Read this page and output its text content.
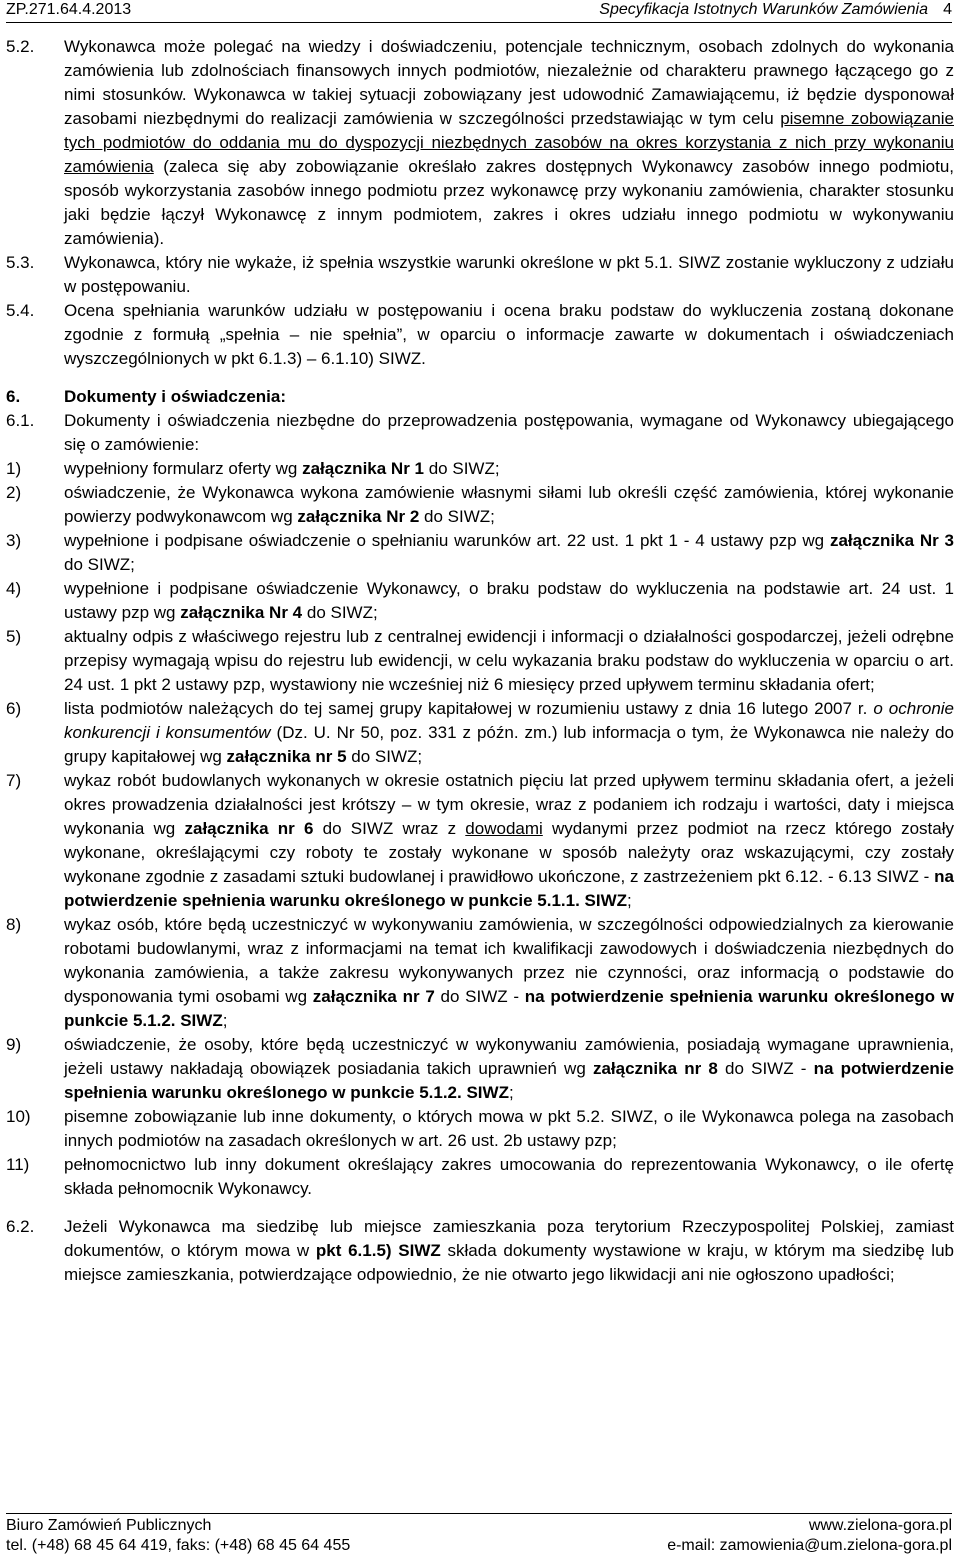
ZP.271.64.4.2013	Specyfikacja Istotnych Warunków Zamówienia 4
5.2.	Wykonawca może polegać na wiedzy i doświadczeniu, potencjale technicznym, osobach zdolnych do wykonania zamówienia lub zdolnościach finansowych innych podmiotów, niezależnie od charakteru prawnego łączącego go z nimi stosunków. Wykonawca w takiej sytuacji zobowiązany jest udowodnić Zamawiającemu, iż będzie dysponował zasobami niezbędnymi do realizacji zamówienia w szczególności przedstawiając w tym celu pisemne zobowiązanie tych podmiotów do oddania mu do dyspozycji niezbędnych zasobów na okres korzystania z nich przy wykonaniu zamówienia (zaleca się aby zobowiązanie określało zakres dostępnych Wykonawcy zasobów innego podmiotu, sposób wykorzystania zasobów innego podmiotu przez wykonawcę przy wykonaniu zamówienia, charakter stosunku jaki będzie łączył Wykonawcę z innym podmiotem, zakres i okres udziału innego podmiotu w wykonywaniu zamówienia).
5.3.	Wykonawca, który nie wykaże, iż spełnia wszystkie warunki określone w pkt 5.1. SIWZ zostanie wykluczony z udziału w postępowaniu.
5.4.	Ocena spełniania warunków udziału w postępowaniu i ocena braku podstaw do wykluczenia zostaną dokonane zgodnie z formułą „spełnia – nie spełnia”, w oparciu o informacje zawarte w dokumentach i oświadczeniach wyszczególnionych w pkt 6.1.3) – 6.1.10) SIWZ.
6.	Dokumenty i oświadczenia:
6.1.	Dokumenty i oświadczenia niezbędne do przeprowadzenia postępowania, wymagane od Wykonawcy ubiegającego się o zamówienie:
1)	wypełniony formularz oferty wg załącznika Nr 1 do SIWZ;
2)	oświadczenie, że Wykonawca wykona zamówienie własnymi siłami lub określi część zamówienia, której wykonanie powierzy podwykonawcom wg załącznika Nr 2 do SIWZ;
3)	wypełnione i podpisane oświadczenie o spełnianiu warunków art. 22 ust. 1 pkt 1 - 4 ustawy pzp wg załącznika Nr 3 do SIWZ;
4)	wypełnione i podpisane oświadczenie Wykonawcy, o braku podstaw do wykluczenia na podstawie art. 24 ust. 1 ustawy pzp wg załącznika Nr 4 do SIWZ;
5)	aktualny odpis z właściwego rejestru lub z centralnej ewidencji i informacji o działalności gospodarczej, jeżeli odrębne przepisy wymagają wpisu do rejestru lub ewidencji, w celu wykazania braku podstaw do wykluczenia w oparciu o art. 24 ust. 1 pkt 2 ustawy pzp, wystawiony nie wcześniej niż 6 miesięcy przed upływem terminu składania ofert;
6)	lista podmiotów należących do tej samej grupy kapitałowej w rozumieniu ustawy z dnia 16 lutego 2007 r. o ochronie konkurencji i konsumentów (Dz. U. Nr 50, poz. 331 z późn. zm.) lub informacja o tym, że Wykonawca nie należy do grupy kapitałowej wg załącznika nr 5 do SIWZ;
7)	wykaz robót budowlanych wykonanych w okresie ostatnich pięciu lat przed upływem terminu składania ofert, a jeżeli okres prowadzenia działalności jest krótszy – w tym okresie, wraz z podaniem ich rodzaju i wartości, daty i miejsca wykonania wg załącznika nr 6 do SIWZ wraz z dowodami wydanymi przez podmiot na rzecz którego zostały wykonane, określającymi czy roboty te zostały wykonane w sposób należyty oraz wskazującymi, czy zostały wykonane zgodnie z zasadami sztuki budowlanej i prawidłowo ukończone, z zastrzeżeniem pkt 6.12. - 6.13 SIWZ - na potwierdzenie spełnienia warunku określonego w punkcie 5.1.1. SIWZ;
8)	wykaz osób, które będą uczestniczyć w wykonywaniu zamówienia, w szczególności odpowiedzialnych za kierowanie robotami budowlanymi, wraz z informacjami na temat ich kwalifikacji zawodowych i doświadczenia niezbędnych do wykonania zamówienia, a także zakresu wykonywanych przez nie czynności, oraz informacją o podstawie do dysponowania tymi osobami wg załącznika nr 7 do SIWZ - na potwierdzenie spełnienia warunku określonego w punkcie 5.1.2. SIWZ;
9)	oświadczenie, że osoby, które będą uczestniczyć w wykonywaniu zamówienia, posiadają wymagane uprawnienia, jeżeli ustawy nakładają obowiązek posiadania takich uprawnień wg załącznika nr 8 do SIWZ - na potwierdzenie spełnienia warunku określonego w punkcie 5.1.2. SIWZ;
10)	pisemne zobowiązanie lub inne dokumenty, o których mowa w pkt 5.2. SIWZ, o ile Wykonawca polega na zasobach innych podmiotów na zasadach określonych w art. 26 ust. 2b ustawy pzp;
11)	pełnomocnictwo lub inny dokument określający zakres umocowania do reprezentowania Wykonawcy, o ile ofertę składa pełnomocnik Wykonawcy.
6.2.	Jeżeli Wykonawca ma siedzibę lub miejsce zamieszkania poza terytorium Rzeczypospolitej Polskiej, zamiast dokumentów, o którym mowa w pkt 6.1.5) SIWZ składa dokumenty wystawione w kraju, w którym ma siedzibę lub miejsce zamieszkania, potwierdzające odpowiednio, że nie otwarto jego likwidacji ani nie ogłoszono upadłości;
Biuro Zamówień Publicznych	www.zielona-gora.pl
tel. (+48) 68 45 64 419, faks: (+48) 68 45 64 455	e-mail: zamowienia@um.zielona-gora.pl
